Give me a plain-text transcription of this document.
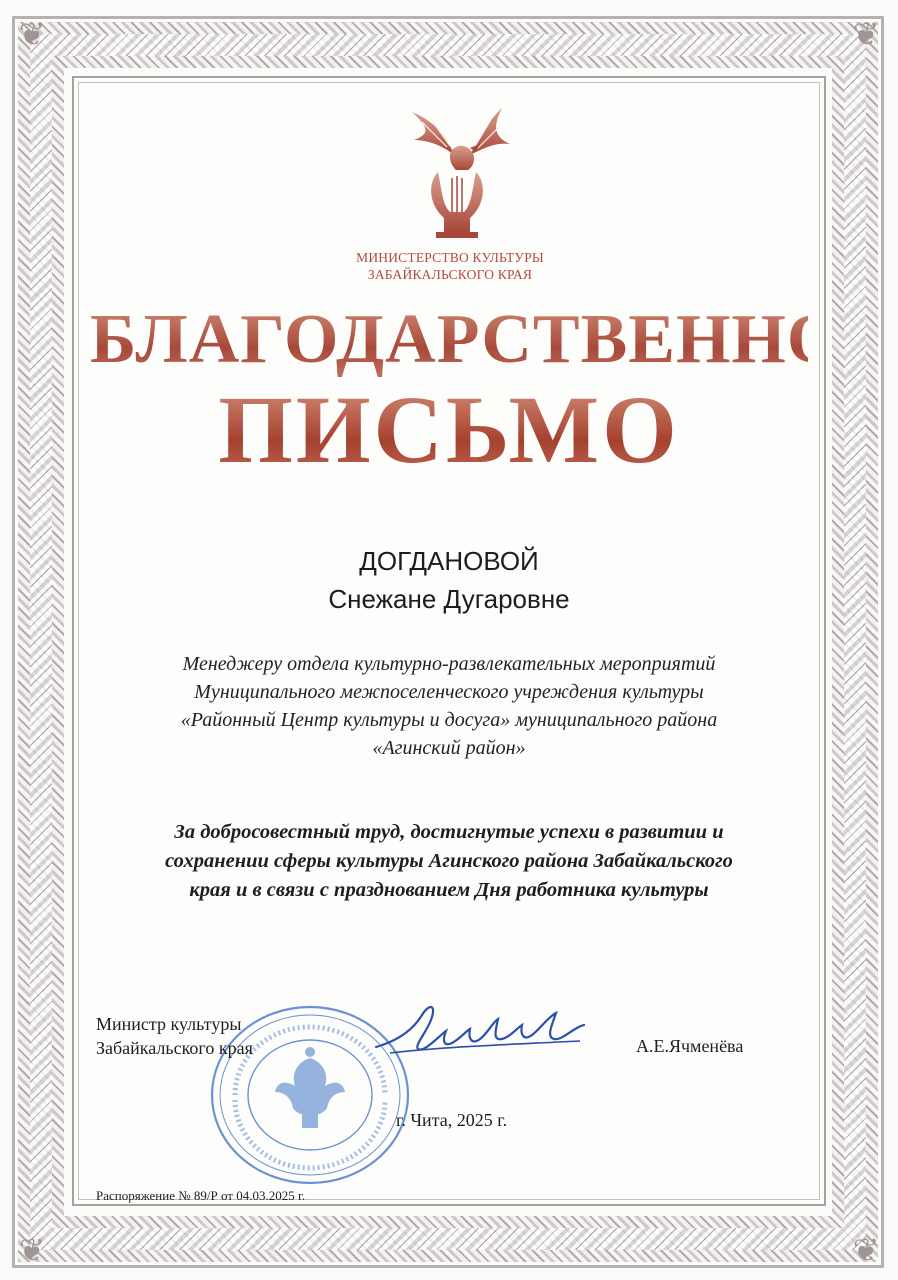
❦	❦
❦	❦
МИНИСТЕРСТВО КУЛЬТУРЫ
ЗАБАЙКАЛЬСКОГО КРАЯ
БЛАГОДАРСТВЕННОЕ
ПИСЬМО
ДОГДАНОВОЙ
Снежане Дугаровне
Менеджеру отдела культурно-развлекательных мероприятий
Муниципального межпоселенческого учреждения культуры
«Районный Центр культуры и досуга» муниципального района
«Агинский район»
За добросовестный труд, достигнутые успехи в развитии и
сохранении сферы культуры Агинского района Забайкальского
края и в связи с празднованием Дня работника культуры
Министр культуры
Забайкальского края	А.Е.Ячменёва
г. Чита, 2025 г.
Распоряжение № 89/Р от 04.03.2025 г.
